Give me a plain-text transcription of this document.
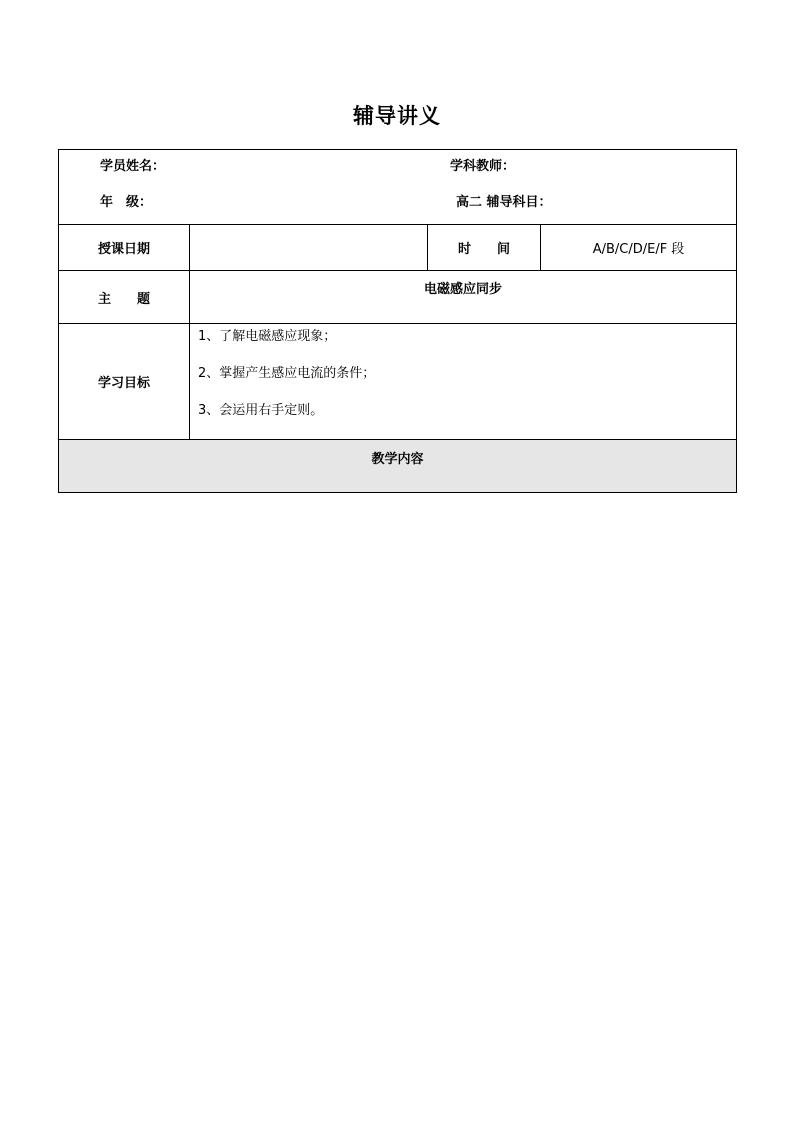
辅导讲义
学员姓名： 学科教师：
年　级： 高二 辅导科目：			

授课日期		时　　间	A/B/C/D/E/F 段
主　　题	电磁感应同步		
学习目标	1、了解电磁感应现象；
2、掌握产生感应电流的条件；
3、会运用右手定则。		

教学内容			
